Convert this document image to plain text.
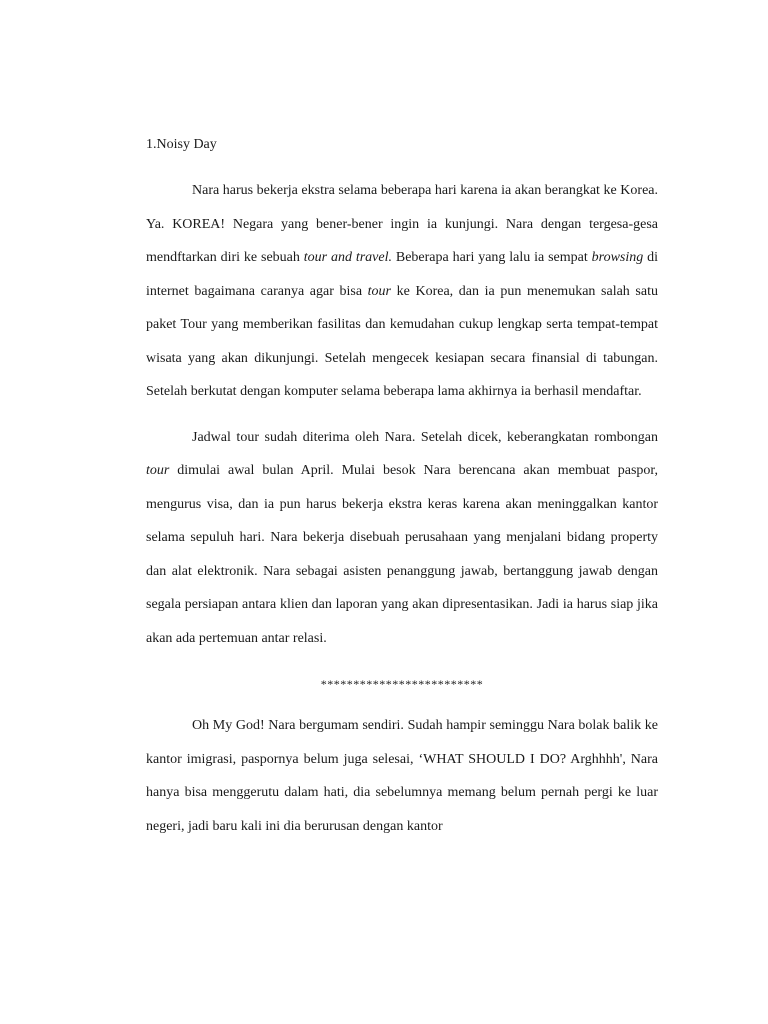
1.Noisy Day

Nara harus bekerja ekstra selama beberapa hari karena ia akan berangkat ke Korea. Ya. KOREA! Negara yang bener-bener ingin ia kunjungi. Nara dengan tergesa-gesa mendftarkan diri ke sebuah tour and travel. Beberapa hari yang lalu ia sempat browsing di internet bagaimana caranya agar bisa tour ke Korea, dan ia pun menemukan salah satu paket Tour yang memberikan fasilitas dan kemudahan cukup lengkap serta tempat-tempat wisata yang akan dikunjungi. Setelah mengecek kesiapan secara finansial di tabungan. Setelah berkutat dengan komputer selama beberapa lama akhirnya ia berhasil mendaftar.

Jadwal tour sudah diterima oleh Nara. Setelah dicek, keberangkatan rombongan tour dimulai awal bulan April. Mulai besok Nara berencana akan membuat paspor, mengurus visa, dan ia pun harus bekerja ekstra keras karena akan meninggalkan kantor selama sepuluh hari. Nara bekerja disebuah perusahaan yang menjalani bidang property dan alat elektronik. Nara sebagai asisten penanggung jawab, bertanggung jawab dengan segala persiapan antara klien dan laporan yang akan dipresentasikan. Jadi ia harus siap jika akan ada pertemuan antar relasi.

*************************

Oh My God! Nara bergumam sendiri. Sudah hampir seminggu Nara bolak balik ke kantor imigrasi, paspornya belum juga selesai, ‘WHAT SHOULD I DO? Arghhhh', Nara hanya bisa menggerutu dalam hati, dia sebelumnya memang belum pernah pergi ke luar negeri, jadi baru kali ini dia berurusan dengan kantor
